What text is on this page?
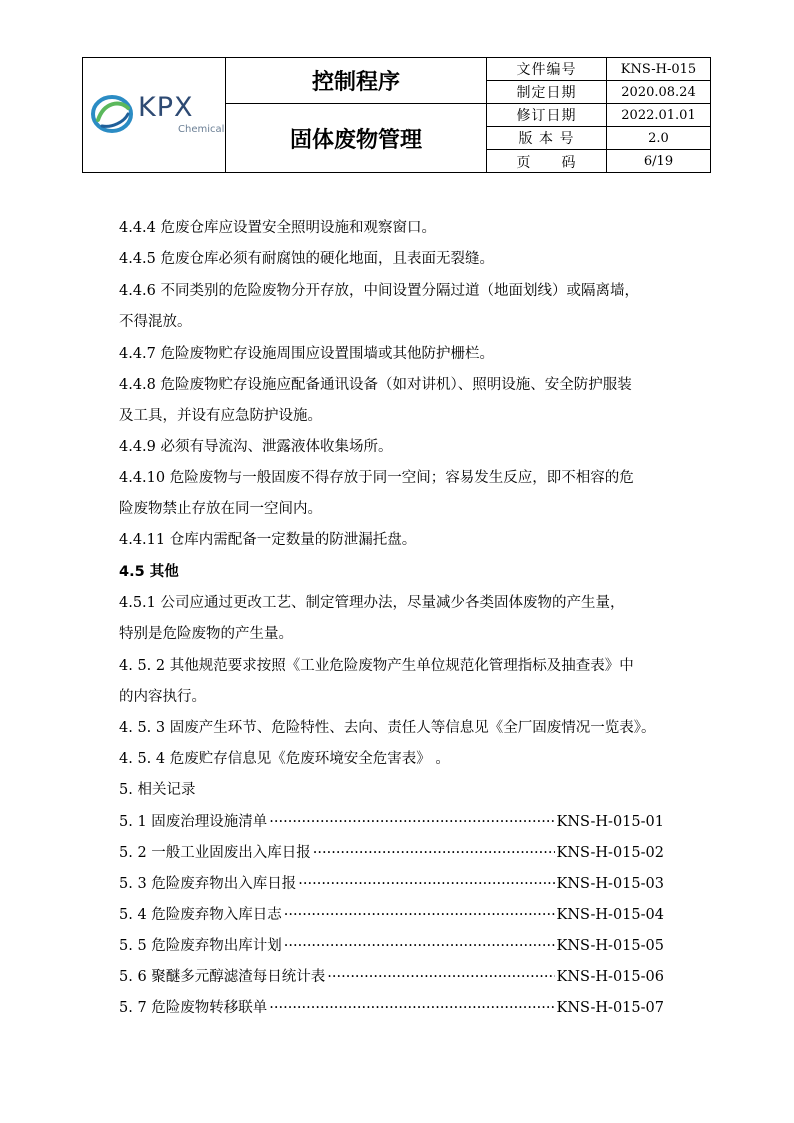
KPX
Chemical
控制程序
固体废物管理
文件编号	KNS-H-015
制定日期	2020.08.24
修订日期	2022.01.01
版 本 号	2.0
页　　码	6/19
4.4.4 危废仓库应设置安全照明设施和观察窗口。
4.4.5 危废仓库必须有耐腐蚀的硬化地面，且表面无裂缝。
4.4.6 不同类别的危险废物分开存放，中间设置分隔过道（地面划线）或隔离墙，
不得混放。
4.4.7 危险废物贮存设施周围应设置围墙或其他防护栅栏。
4.4.8 危险废物贮存设施应配备通讯设备（如对讲机）、照明设施、安全防护服装
及工具，并设有应急防护设施。
4.4.9 必须有导流沟、泄露液体收集场所。
4.4.10 危险废物与一般固废不得存放于同一空间；容易发生反应，即不相容的危
险废物禁止存放在同一空间内。
4.4.11 仓库内需配备一定数量的防泄漏托盘。
4.5 其他
4.5.1 公司应通过更改工艺、制定管理办法，尽量减少各类固体废物的产生量，
特别是危险废物的产生量。
4. 5. 2 其他规范要求按照《工业危险废物产生单位规范化管理指标及抽查表》中
的内容执行。
4. 5. 3 固废产生环节、危险特性、去向、责任人等信息见《全厂固废情况一览表》。
4. 5. 4 危废贮存信息见《危废环境安全危害表》 。
5. 相关记录
5. 1 固废治理设施清单 ·····	KNS-H-015-01
5. 2 一般工业固废出入库日报 ·····	KNS-H-015-02
5. 3 危险废弃物出入库日报 ·····	KNS-H-015-03
5. 4 危险废弃物入库日志 ·····	KNS-H-015-04
5. 5 危险废弃物出库计划 ·····	KNS-H-015-05
5. 6 聚醚多元醇滤渣每日统计表 ·····	KNS-H-015-06
5. 7 危险废物转移联单 ·····	KNS-H-015-07
